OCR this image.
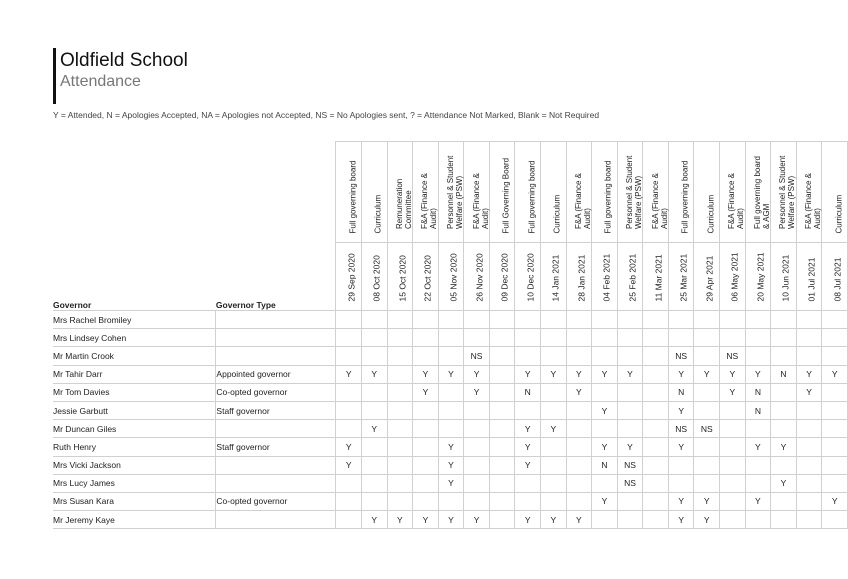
Oldfield School
Attendance
Y = Attended, N = Apologies Accepted, NA = Apologies not Accepted, NS = No Apologies sent, ? = Attendance Not Marked, Blank = Not Required

		Full governing board	Curriculum	Remuneration
Committee	F&A (Finance &
Audit)	Personnel & Student
Welfare (PSW)	F&A (Finance &
Audit)	Full Governing Board	Full governing board	Curriculum	F&A (Finance &
Audit)	Full governing board	Personnel & Student
Welfare (PSW)	F&A (Finance &
Audit)	Full governing board	Curriculum	F&A (Finance &
Audit)	Full governing board
& AGM	Personnel & Student
Welfare (PSW)	F&A (Finance &
Audit)	Curriculum

Governor	Governor Type	29 Sep 2020	08 Oct 2020	15 Oct 2020	22 Oct 2020	05 Nov 2020	26 Nov 2020	09 Dec 2020	10 Dec 2020	14 Jan 2021	28 Jan 2021	04 Feb 2021	25 Feb 2021	11 Mar 2021	25 Mar 2021	29 Apr 2021	06 May 2021	20 May 2021	10 Jun 2021	01 Jul 2021	08 Jul 2021

Mrs Rachel Bromiley																					
Mrs Lindsey Cohen																					
Mr Martin Crook							NS								NS		NS				
Mr Tahir Darr	Appointed governor	Y	Y		Y	Y	Y		Y	Y	Y	Y	Y		Y	Y	Y	Y	N	Y	Y
Mr Tom Davies	Co-opted governor				Y		Y		N		Y				N		Y	N		Y	
Jessie Garbutt	Staff governor											Y			Y			N			
Mr Duncan Giles			Y						Y	Y					NS	NS					
Ruth Henry	Staff governor	Y				Y			Y			Y	Y		Y			Y	Y		
Mrs Vicki Jackson		Y				Y			Y			N	NS								
Mrs Lucy James						Y							NS						Y		
Mrs Susan Kara	Co-opted governor											Y			Y	Y		Y			Y
Mr Jeremy Kaye			Y	Y	Y	Y	Y		Y	Y	Y				Y	Y					
